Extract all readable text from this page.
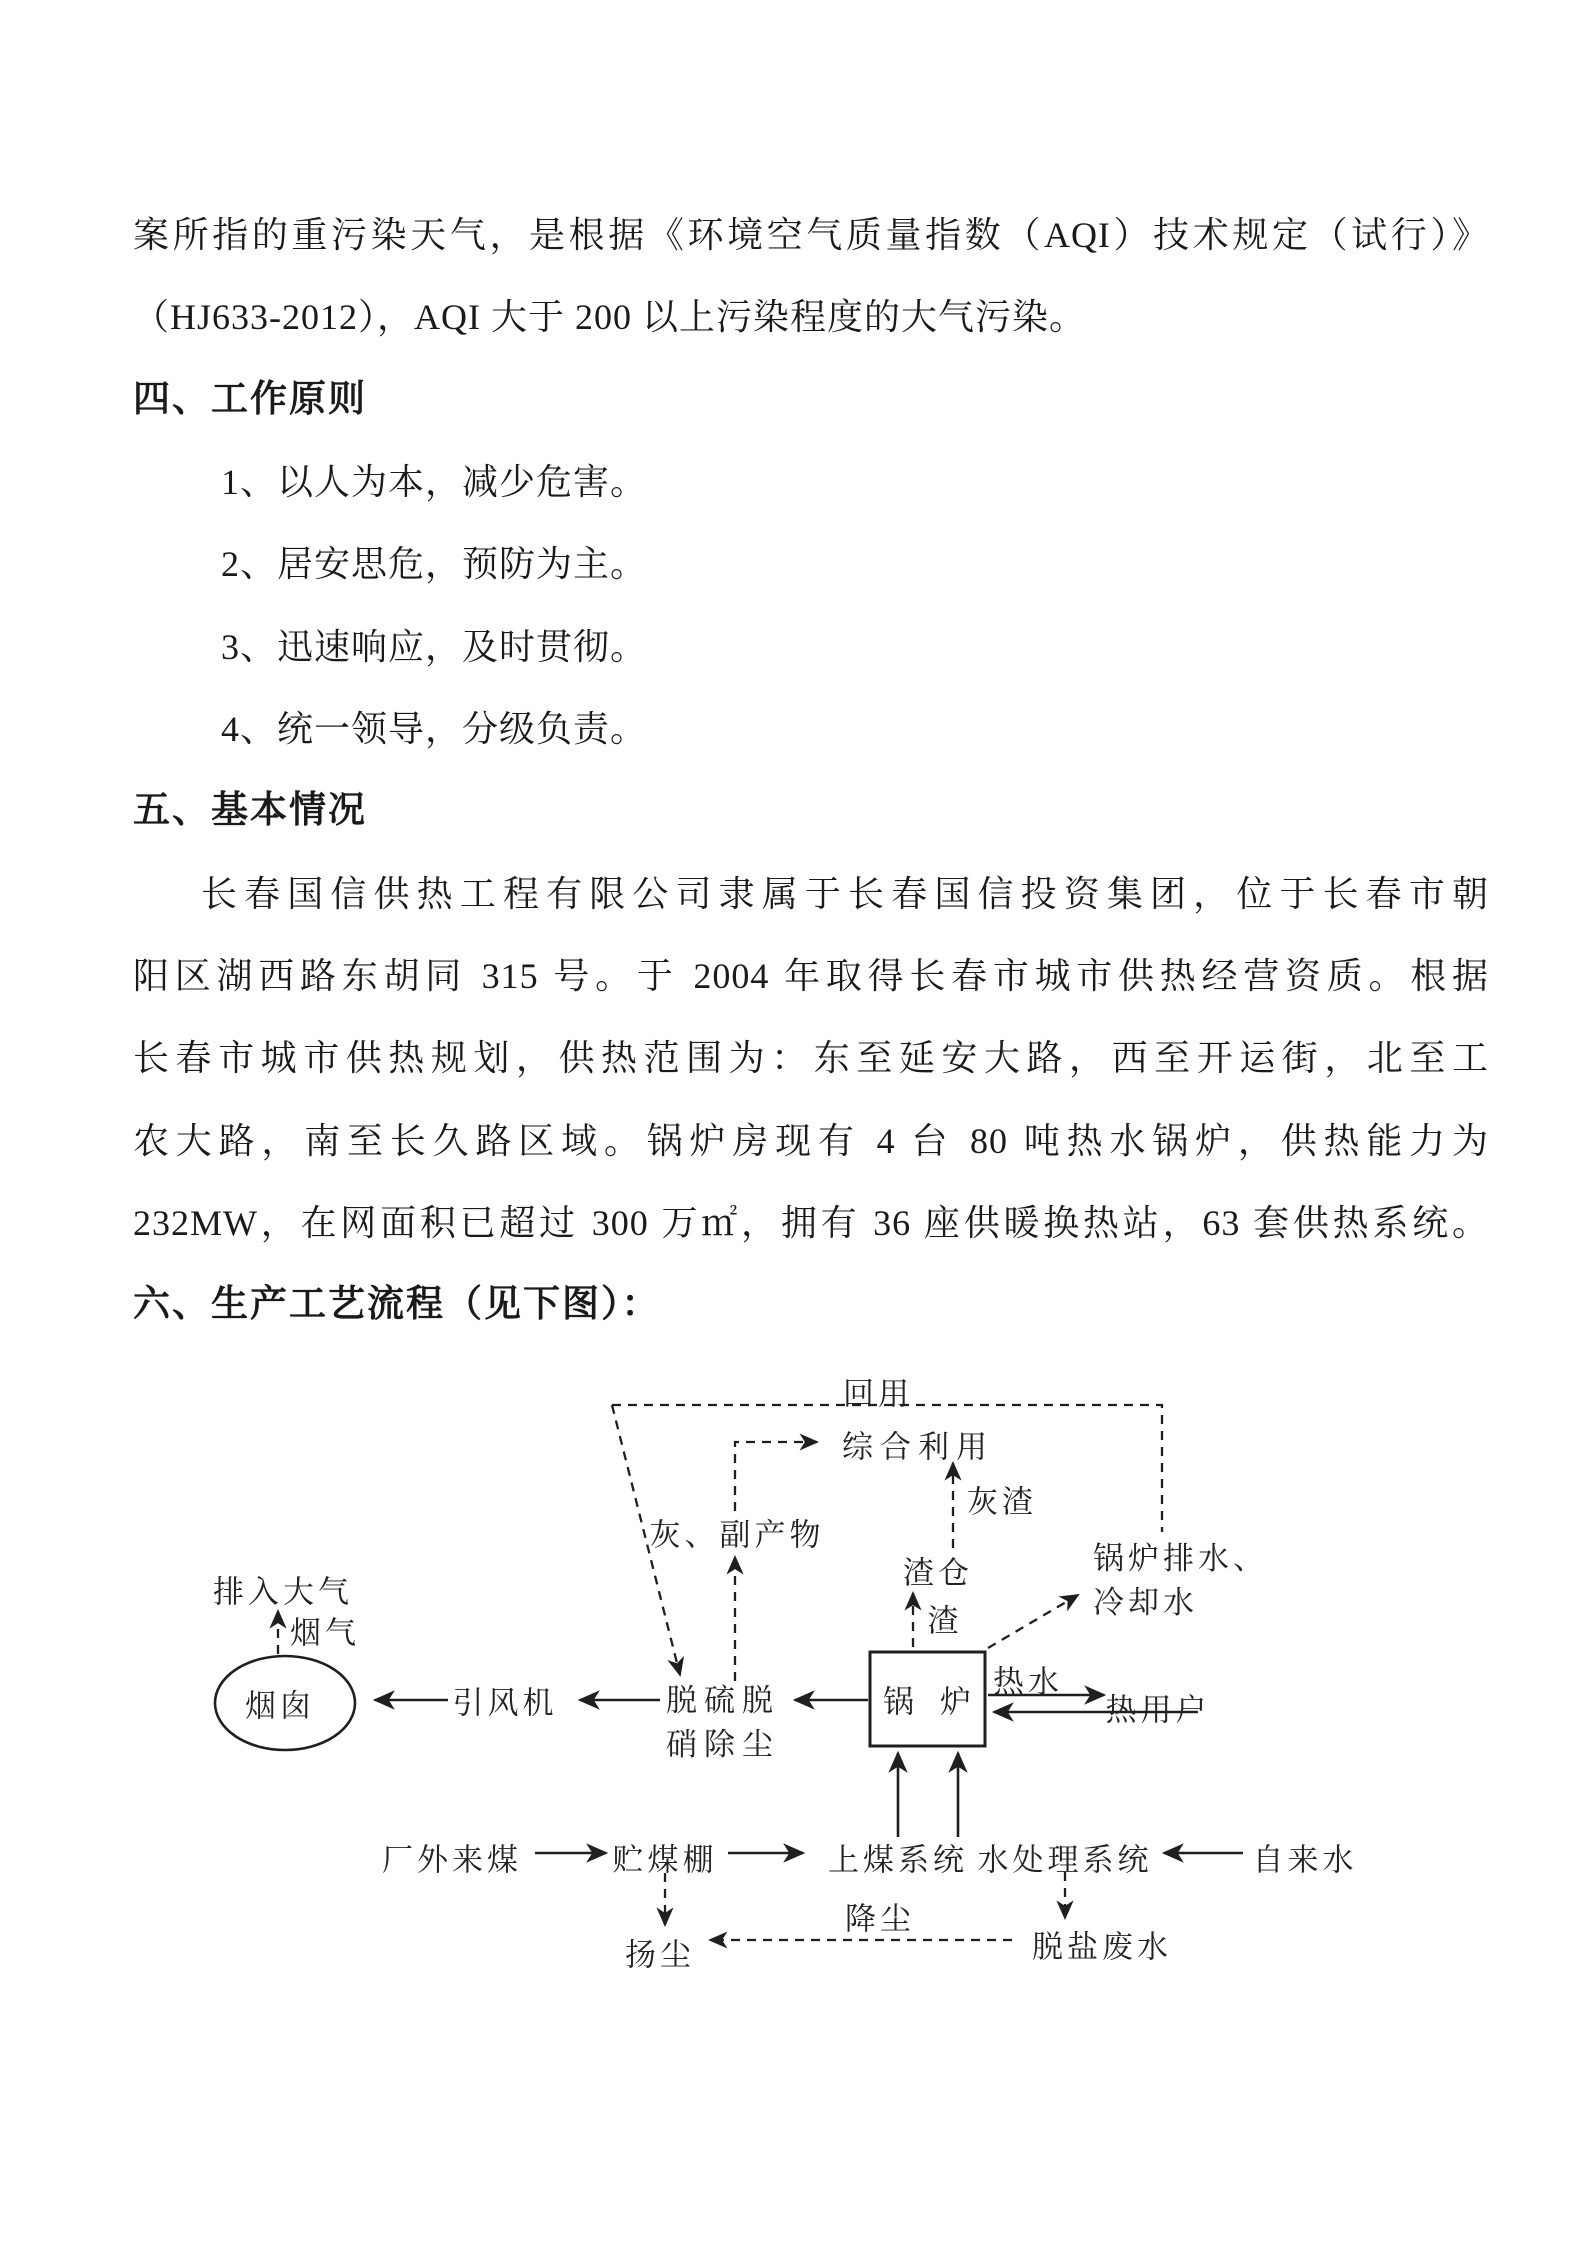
案所指的重污染天气，是根据《环境空气质量指数（AQI）技术规定（试行）》
（HJ633-2012），AQI 大于 200 以上污染程度的大气污染。
四、工作原则
1、以人为本，减少危害。
2、居安思危，预防为主。
3、迅速响应，及时贯彻。
4、统一领导，分级负责。
五、基本情况
长春国信供热工程有限公司隶属于长春国信投资集团，位于长春市朝
阳区湖西路东胡同 315 号。于 2004 年取得长春市城市供热经营资质。根据
长春市城市供热规划，供热范围为：东至延安大路，西至开运街，北至工
农大路，南至长久路区域。锅炉房现有 4 台 80 吨热水锅炉，供热能力为
232MW，在网面积已超过 300 万㎡，拥有 36 座供暖换热站，63 套供热系统。
六、生产工艺流程（见下图）：
回用
综合利用
灰渣
渣仓
渣
锅炉排水、
冷却水
灰、副产物
排入大气
烟气
烟囱	引风机	脱硫脱
硝除尘
锅炉
热水
热用户
厂外来煤	贮煤棚	上煤系统 水处理系统	自来水
扬尘
降尘
脱盐废水
